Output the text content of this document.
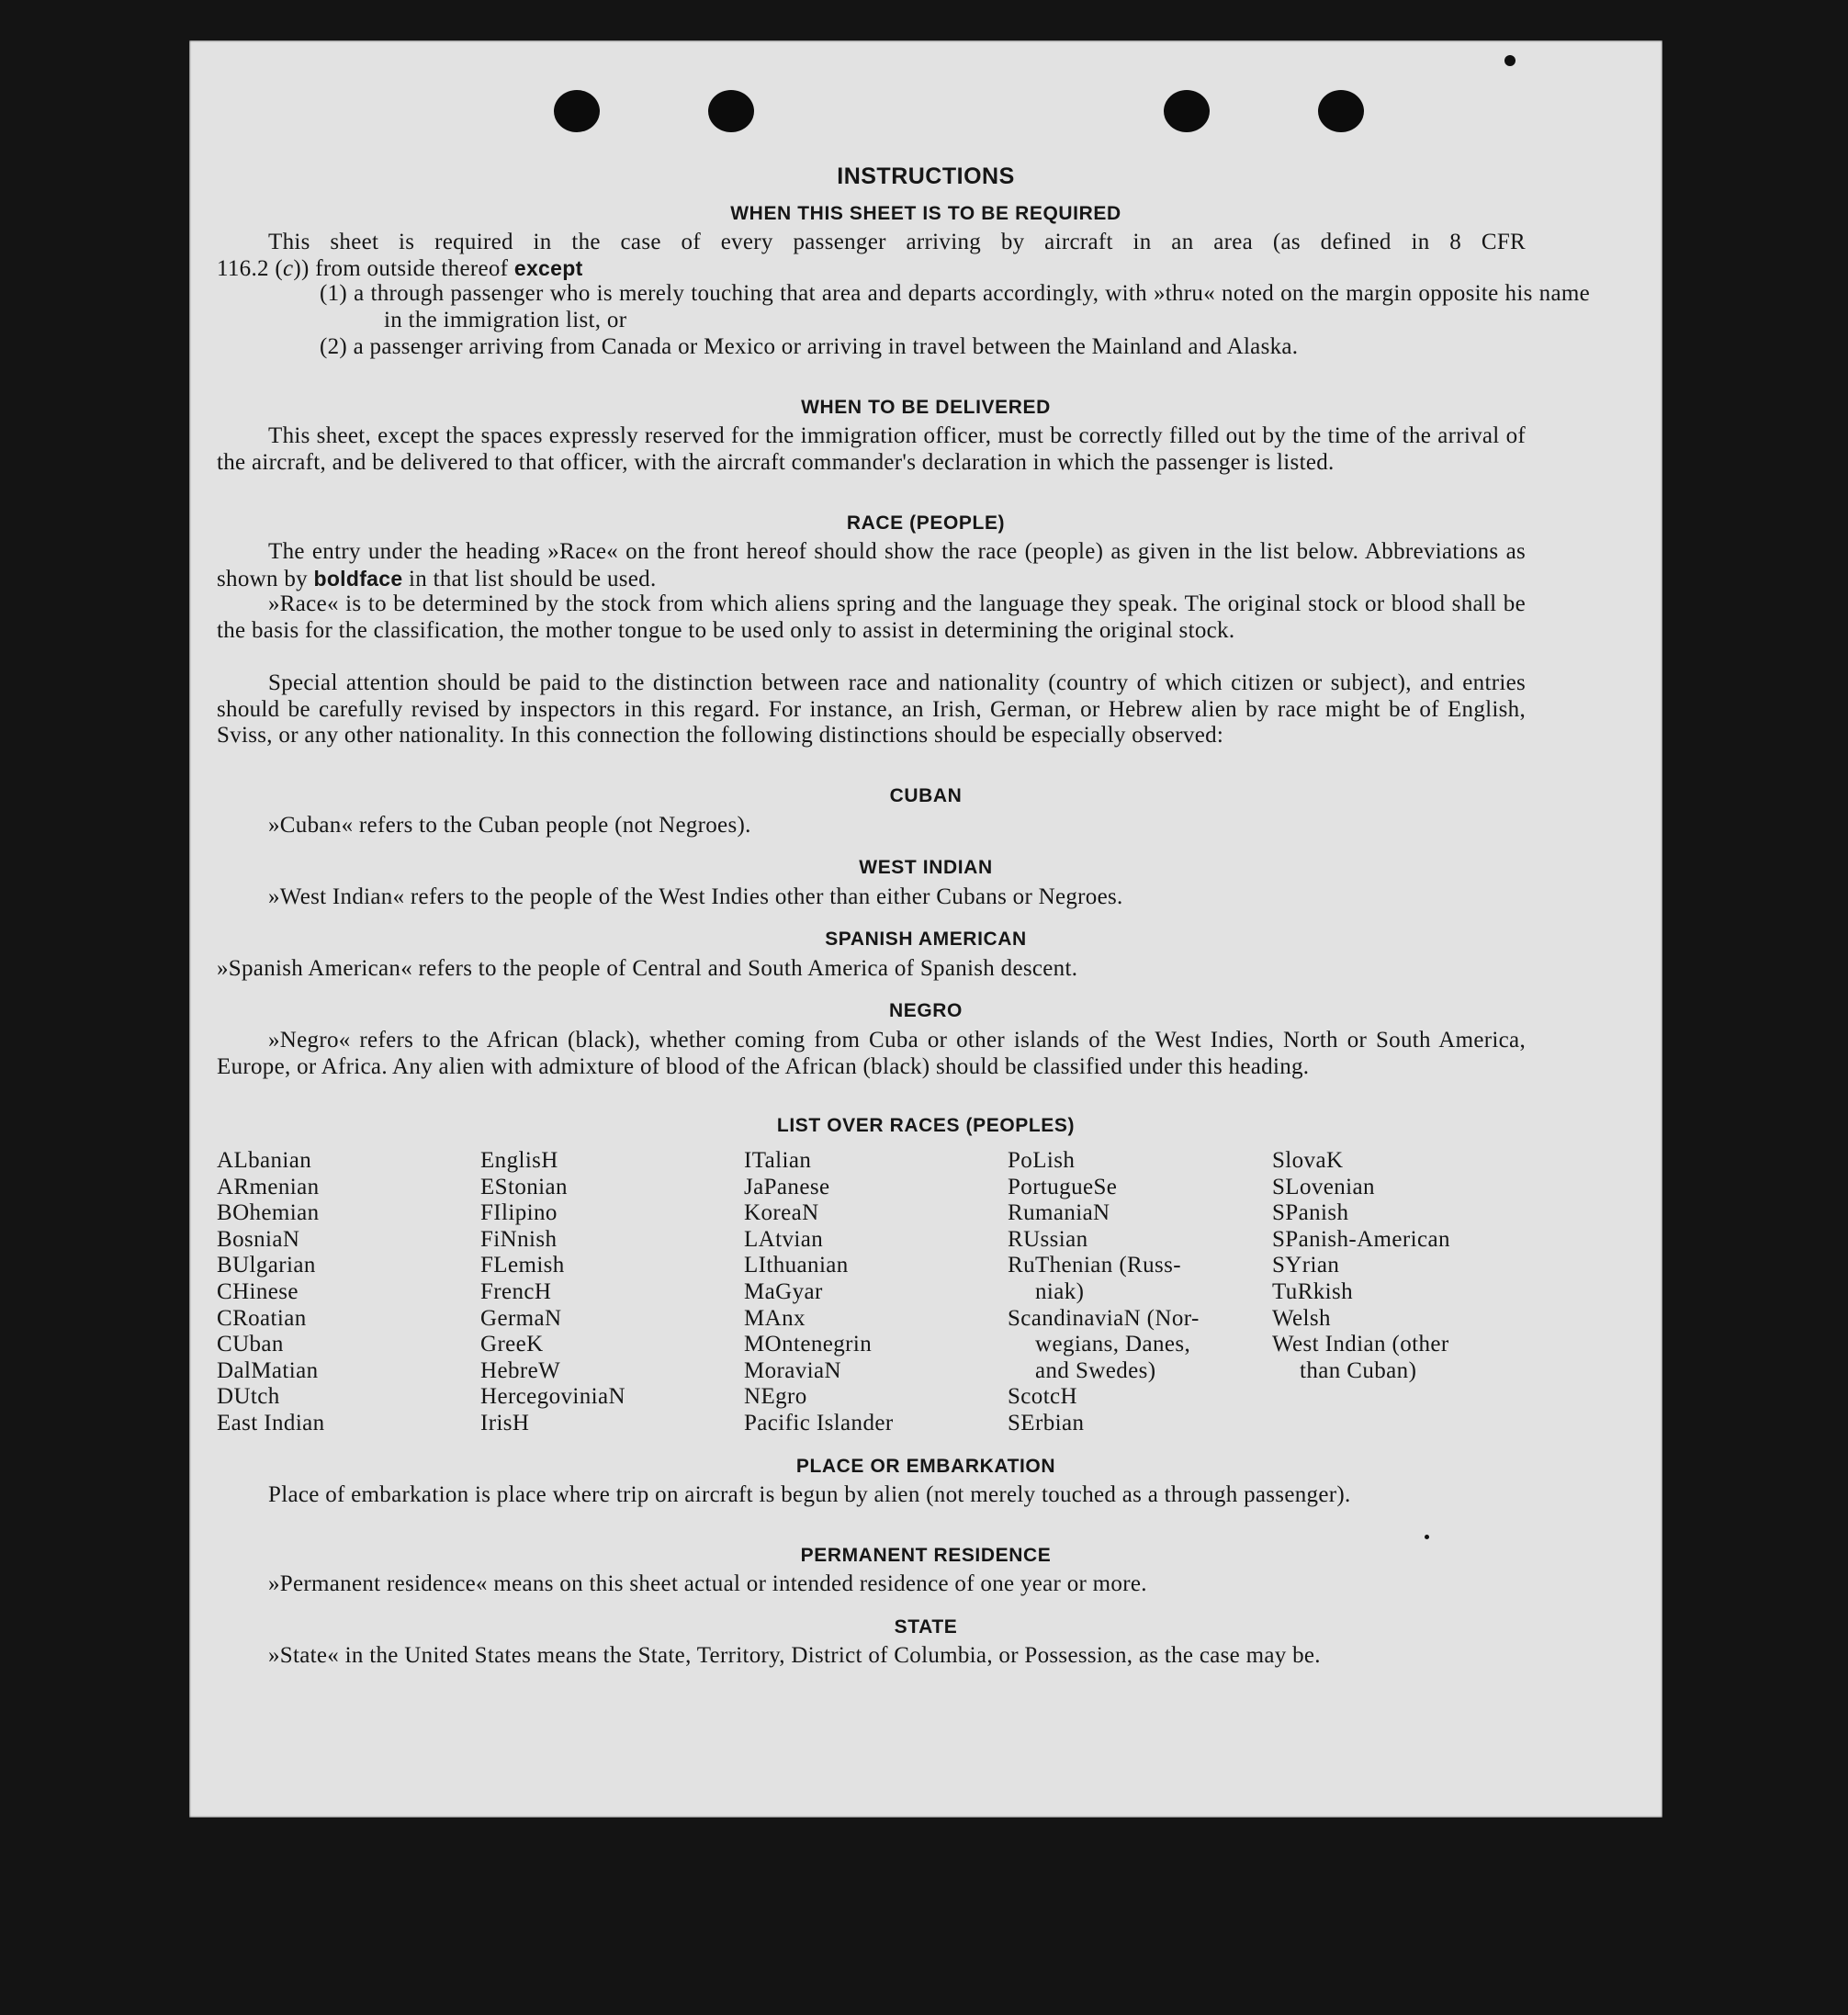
INSTRUCTIONS
WHEN THIS SHEET IS TO BE REQUIRED
This sheet is required in the case of every passenger arriving by aircraft in an area (as defined in 8 CFR
116.2 (c)) from outside thereof except
(1) a through passenger who is merely touching that area and departs accordingly, with »thru« noted on the margin opposite his name in the immigration list, or
(2) a passenger arriving from Canada or Mexico or arriving in travel between the Mainland and Alaska.
WHEN TO BE DELIVERED
This sheet, except the spaces expressly reserved for the immigration officer, must be correctly filled out by the time of the arrival of the aircraft, and be delivered to that officer, with the aircraft commander's declaration in which the passenger is listed.
RACE (PEOPLE)
The entry under the heading »Race« on the front hereof should show the race (people) as given in the list below. Abbreviations as shown by boldface in that list should be used.
»Race« is to be determined by the stock from which aliens spring and the language they speak. The original stock or blood shall be the basis for the classification, the mother tongue to be used only to assist in determining the original stock.
Special attention should be paid to the distinction between race and nationality (country of which citizen or subject), and entries should be carefully revised by inspectors in this regard. For instance, an Irish, German, or Hebrew alien by race might be of English, Sviss, or any other nationality. In this connection the following distinctions should be especially observed:
CUBAN
»Cuban« refers to the Cuban people (not Negroes).
WEST INDIAN
»West Indian« refers to the people of the West Indies other than either Cubans or Negroes.
SPANISH AMERICAN
»Spanish American« refers to the people of Central and South America of Spanish descent.
NEGRO
»Negro« refers to the African (black), whether coming from Cuba or other islands of the West Indies, North or South America, Europe, or Africa. Any alien with admixture of blood of the African (black) should be classified under this heading.
LIST OVER RACES (PEOPLES)
ALbanian
ARmenian
BOhemian
BosniaN
BUlgarian
CHinese
CRoatian
CUban
DalMatian
DUtch
East Indian
EnglisH
EStonian
FIlipino
FiNnish
FLemish
FrencH
GermaN
GreeK
HebreW
HercegoviniaN
IrisH
ITalian
JaPanese
KoreaN
LAtvian
LIthuanian
MaGyar
MAnx
MOntenegrin
MoraviaN
NEgro
Pacific Islander
PoLish
PortugueSe
RumaniaN
RUssian
RuThenian (Russ-
niak)
ScandinaviaN (Nor-
wegians, Danes,
and Swedes)
ScotcH
SErbian
SlovaK
SLovenian
SPanish
SPanish-American
SYrian
TuRkish
Welsh
West Indian (other
than Cuban)
PLACE OR EMBARKATION
Place of embarkation is place where trip on aircraft is begun by alien (not merely touched as a through passenger).
PERMANENT RESIDENCE
»Permanent residence« means on this sheet actual or intended residence of one year or more.
STATE
»State« in the United States means the State, Territory, District of Columbia, or Possession, as the case may be.
